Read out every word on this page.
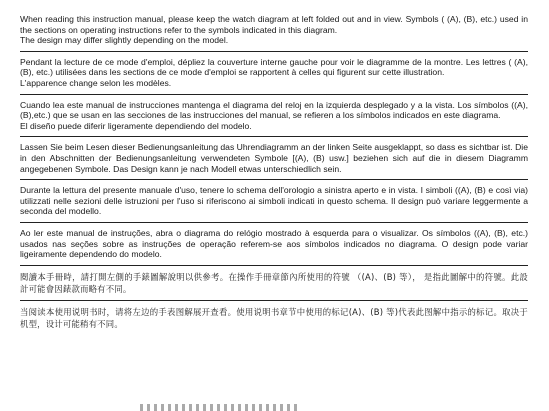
When reading this instruction manual, please keep the watch diagram at left folded out and in view. Symbols ( (A), (B), etc.) used in the sections on operating instructions refer to the symbols indicated in this diagram.

The design may differ slightly depending on the model.

Pendant la lecture de ce mode d'emploi, dépliez la couverture interne gauche pour voir le diagramme de la montre. Les lettres ( (A), (B), etc.) utilisées dans les sections de ce mode d'emploi se rapportent à celles qui figurent sur cette illustration.

L'apparence change selon les modèles.

Cuando lea este manual de instrucciones mantenga el diagrama del reloj en la izquierda desplegado y a la vista. Los símbolos ((A),(B),etc.) que se usan en las secciones de las instrucciones del manual, se refieren a los símbolos indicados en este diagrama.

El diseño puede diferir ligeramente dependiendo del modelo.

Lassen Sie beim Lesen dieser Bedienungsanleitung das Uhrendiagramm an der linken Seite ausgeklappt, so dass es sichtbar ist. Die in den Abschnitten der Bedienungsanleitung verwendeten Symbole [(A), (B) usw.] beziehen sich auf die in diesem Diagramm angegebenen Symbole. Das Design kann je nach Modell etwas unterschiedlich sein.

Durante la lettura del presente manuale d'uso, tenere lo schema dell'orologio a sinistra aperto e in vista. I simboli ((A), (B) e così via) utilizzati nelle sezioni delle istruzioni per l'uso si riferiscono ai simboli indicati in questo schema. Il design può variare leggermente a seconda del modello.

Ao ler este manual de instruções, abra o diagrama do relógio mostrado à esquerda para o visualizar. Os símbolos ((A), (B), etc.) usados nas seções sobre as instruções de operação referem-se aos símbolos indicados no diagrama. O design pode variar ligeiramente dependendo do modelo.

閱讀本手冊時，請打開左側的手錶圖解說明以供參考。在操作手冊章節內所使用的符號 （(A)、(B) 等）， 是指此圖解中的符號。此設計可能會因錶款而略有不同。

当阅读本使用说明书时，请将左边的手表图解展开查看。使用说明书章节中使用的标记(A)、(B) 等)代表此图解中指示的标记。取决于机型，设计可能稍有不同。
